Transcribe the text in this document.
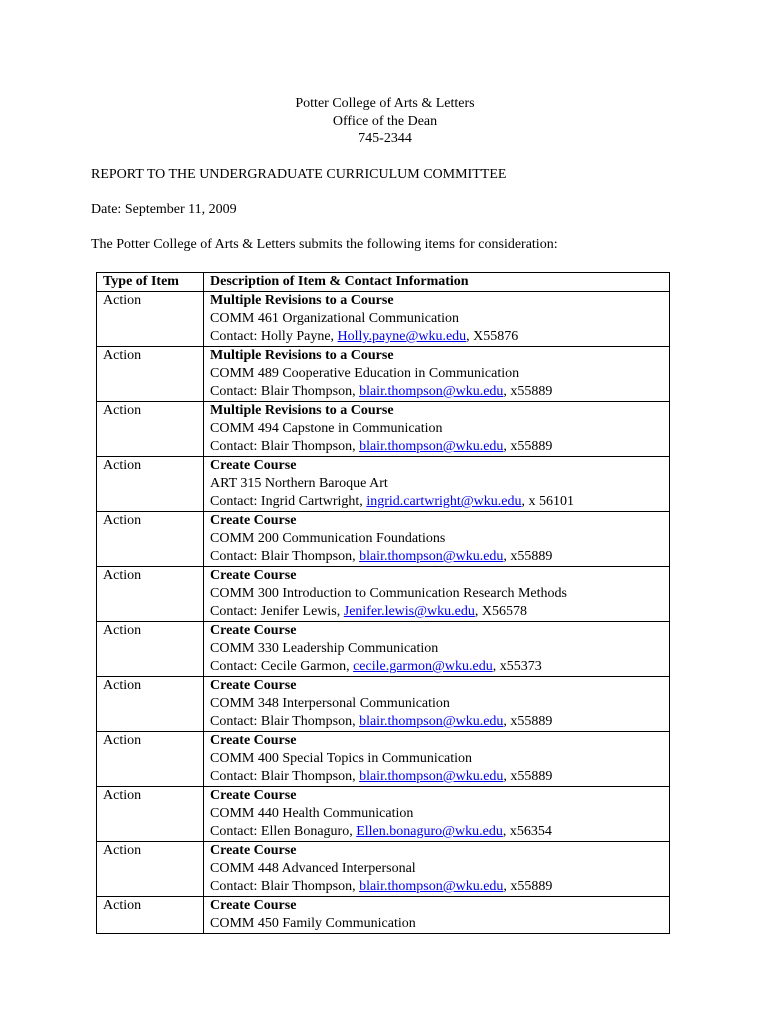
Potter College of Arts & Letters
Office of the Dean
745-2344
REPORT TO THE UNDERGRADUATE CURRICULUM COMMITTEE
Date: September 11, 2009
The Potter College of Arts & Letters submits the following items for consideration:
Type of Item	Description of Item & Contact Information
Action	Multiple Revisions to a Course
COMM 461 Organizational Communication
Contact: Holly Payne, Holly.payne@wku.edu, X55876

Action	Multiple Revisions to a Course
COMM 489 Cooperative Education in Communication
Contact: Blair Thompson, blair.thompson@wku.edu, x55889

Action	Multiple Revisions to a Course
COMM 494 Capstone in Communication
Contact: Blair Thompson, blair.thompson@wku.edu, x55889

Action	Create Course
ART 315 Northern Baroque Art
Contact: Ingrid Cartwright, ingrid.cartwright@wku.edu, x 56101

Action	Create Course
COMM 200 Communication Foundations
Contact: Blair Thompson, blair.thompson@wku.edu, x55889

Action	Create Course
COMM 300 Introduction to Communication Research Methods
Contact: Jenifer Lewis, Jenifer.lewis@wku.edu, X56578

Action	Create Course
COMM 330 Leadership Communication
Contact: Cecile Garmon, cecile.garmon@wku.edu, x55373

Action	Create Course
COMM 348 Interpersonal Communication
Contact: Blair Thompson, blair.thompson@wku.edu, x55889

Action	Create Course
COMM 400 Special Topics in Communication
Contact: Blair Thompson, blair.thompson@wku.edu, x55889

Action	Create Course
COMM 440 Health Communication
Contact: Ellen Bonaguro, Ellen.bonaguro@wku.edu, x56354

Action	Create Course
COMM 448 Advanced Interpersonal
Contact: Blair Thompson, blair.thompson@wku.edu, x55889

Action	Create Course
COMM 450 Family Communication
